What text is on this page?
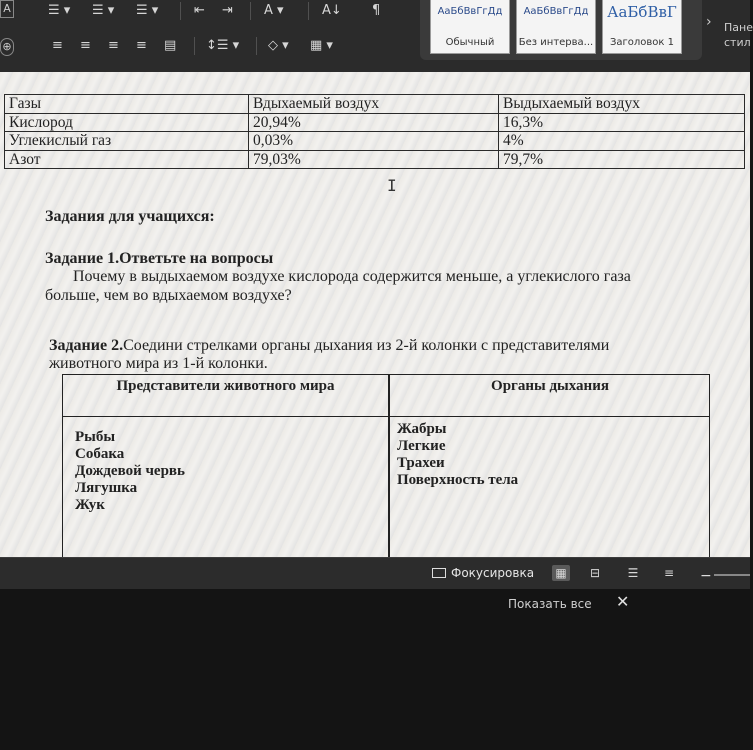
A
⊕
☰ ▾ ☰ ▾ ☰ ▾	⇤ ⇥ A ▾	A↓ ¶
≡ ≡ ≡ ≡ ▤ ↕☰ ▾ ◇ ▾ ▦ ▾
АаБбВвГгДд
Обычный
АаБбВвГгДд
Без интерва...
АаБбВвГ
Заголовок 1
› Пане
стил
Газы	Вдыхаемый воздух	Выдыхаемый воздух
Кислород	20,94%	16,3%
Углекислый газ	0,03%	4%
Азот	79,03%	79,7%
I
Задания для учащихся:
Задание 1.Ответьте на вопросы
Почему в выдыхаемом воздухе кислорода содержится меньше, а углекислого газа
больше, чем во вдыхаемом воздухе?
Задание 2.Соедини стрелками органы дыхания из 2-й колонки с представителями
животного мира из 1-й колонки.
Представители животного мира	Органы дыхания
Рыбы
Собака
Дождевой червь
Лягушка
Жук
Жабры
Легкие
Трахеи
Поверхность тела
Фокусировка ▦	⊟	☰	≡ −
Показать все ✕
